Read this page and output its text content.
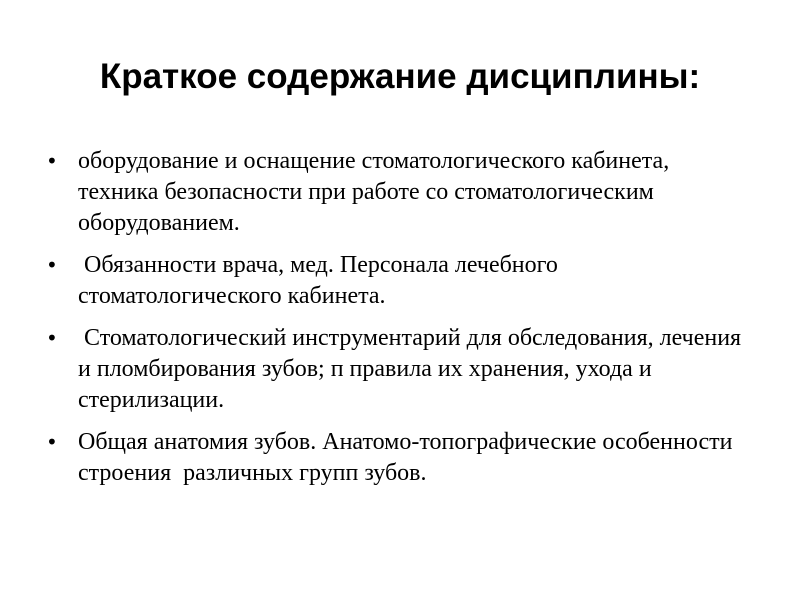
Краткое содержание дисциплины:
• оборудование и оснащение стоматологического кабинета, техника безопасности при работе со стоматологическим оборудованием.
• Обязанности врача, мед. Персонала лечебного стоматологического кабинета.
• Стоматологический инструментарий для обследования, лечения и пломбирования зубов; п правила их хранения, ухода и стерилизации.
• Общая анатомия зубов. Анатомо-топографические особенности строения  различных групп зубов.
